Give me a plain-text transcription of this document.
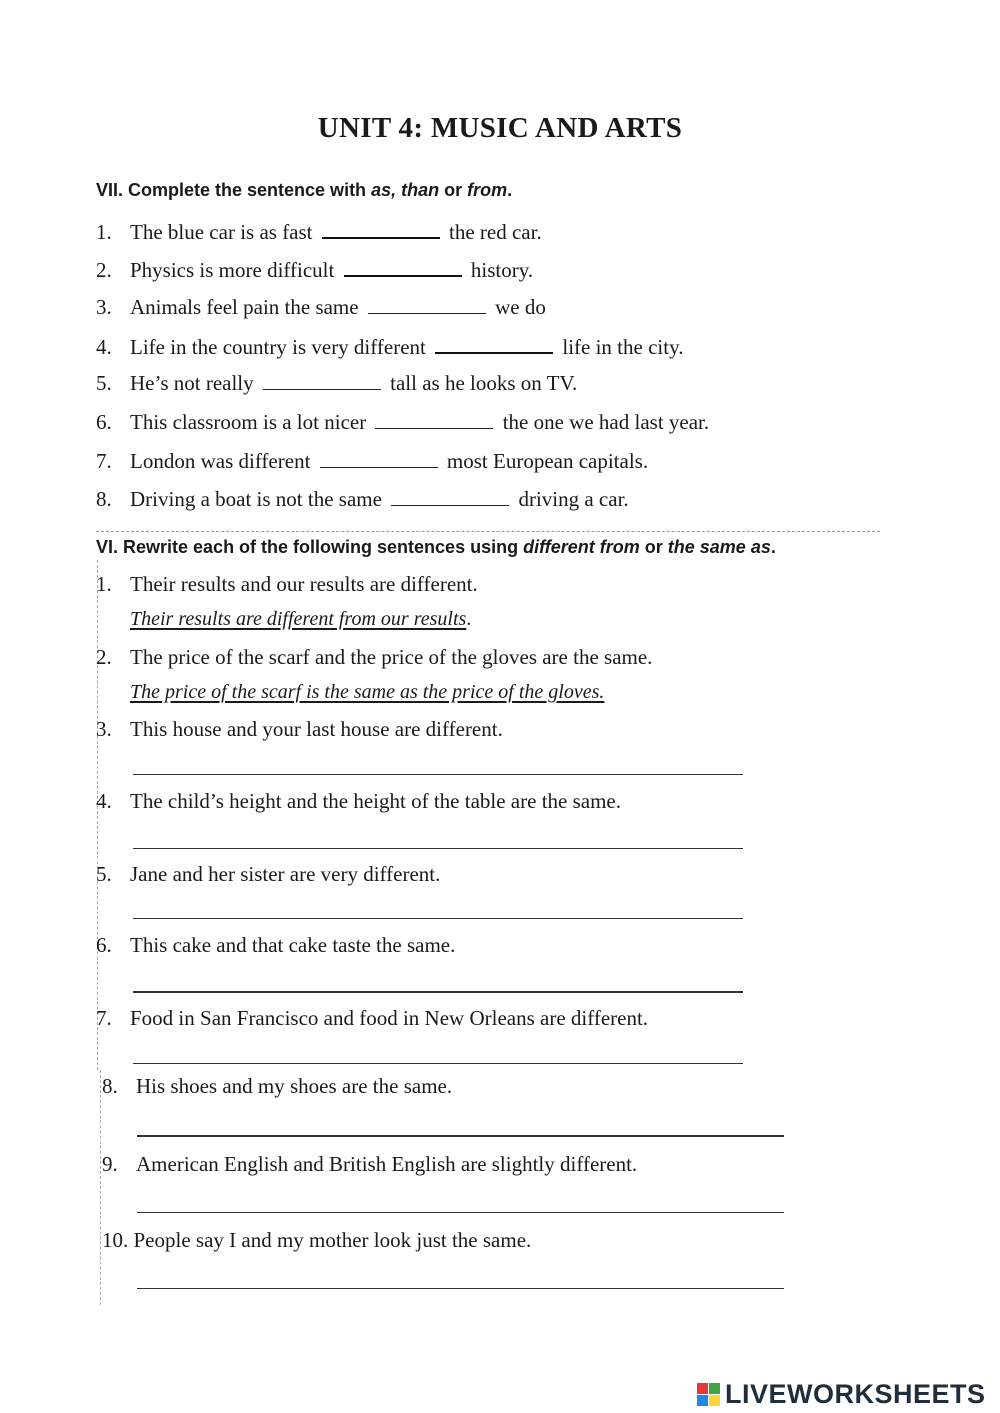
UNIT 4: MUSIC AND ARTS
VII. Complete the sentence with as, than or from.
1. The blue car is as fast	the red car.
2. Physics is more difficult	history.
3. Animals feel pain the same	we do
4. Life in the country is very different	life in the city.
5. He’s not really	tall as he looks on TV.
6. This classroom is a lot nicer	the one we had last year.
7. London was different	most European capitals.
8. Driving a boat is not the same	driving a car.
VI. Rewrite each of the following sentences using different from or the same as.
1. Their results and our results are different.
Their results are different from our results.
2. The price of the scarf and the price of the gloves are the same.
The price of the scarf is the same as the price of the gloves.
3. This house and your last house are different.
4. The child’s height and the height of the table are the same.
5. Jane and her sister are very different.
6. This cake and that cake taste the same.
7. Food in San Francisco and food in New Orleans are different.
8. His shoes and my shoes are the same.
9. American English and British English are slightly different.
10. People say I and my mother look just the same.
LIVEWORKSHEETS
